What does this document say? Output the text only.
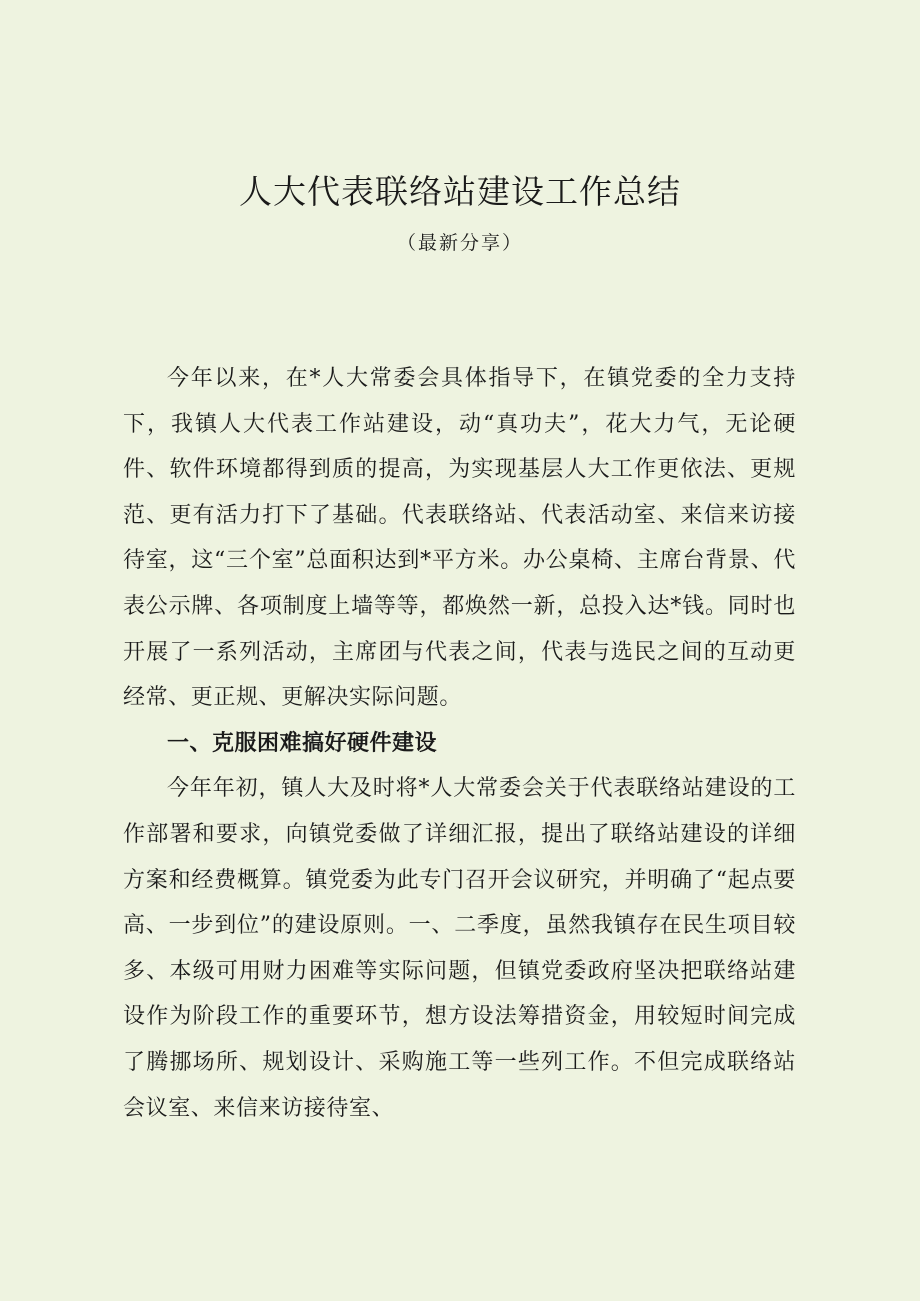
人大代表联络站建设工作总结
（最新分享）

今年以来，在*人大常委会具体指导下，在镇党委的全力支持下，我镇人大代表工作站建设，动“真功夫”，花大力气，无论硬件、软件环境都得到质的提高，为实现基层人大工作更依法、更规范、更有活力打下了基础。代表联络站、代表活动室、来信来访接待室，这“三个室”总面积达到*平方米。办公桌椅、主席台背景、代表公示牌、各项制度上墙等等，都焕然一新，总投入达*钱。同时也开展了一系列活动，主席团与代表之间，代表与选民之间的互动更经常、更正规、更解决实际问题。

一、克服困难搞好硬件建设

今年年初，镇人大及时将*人大常委会关于代表联络站建设的工作部署和要求，向镇党委做了详细汇报，提出了联络站建设的详细方案和经费概算。镇党委为此专门召开会议研究，并明确了“起点要高、一步到位”的建设原则。一、二季度，虽然我镇存在民生项目较多、本级可用财力困难等实际问题，但镇党委政府坚决把联络站建设作为阶段工作的重要环节，想方设法筹措资金，用较短时间完成了腾挪场所、规划设计、采购施工等一些列工作。不但完成联络站会议室、来信来访接待室、
